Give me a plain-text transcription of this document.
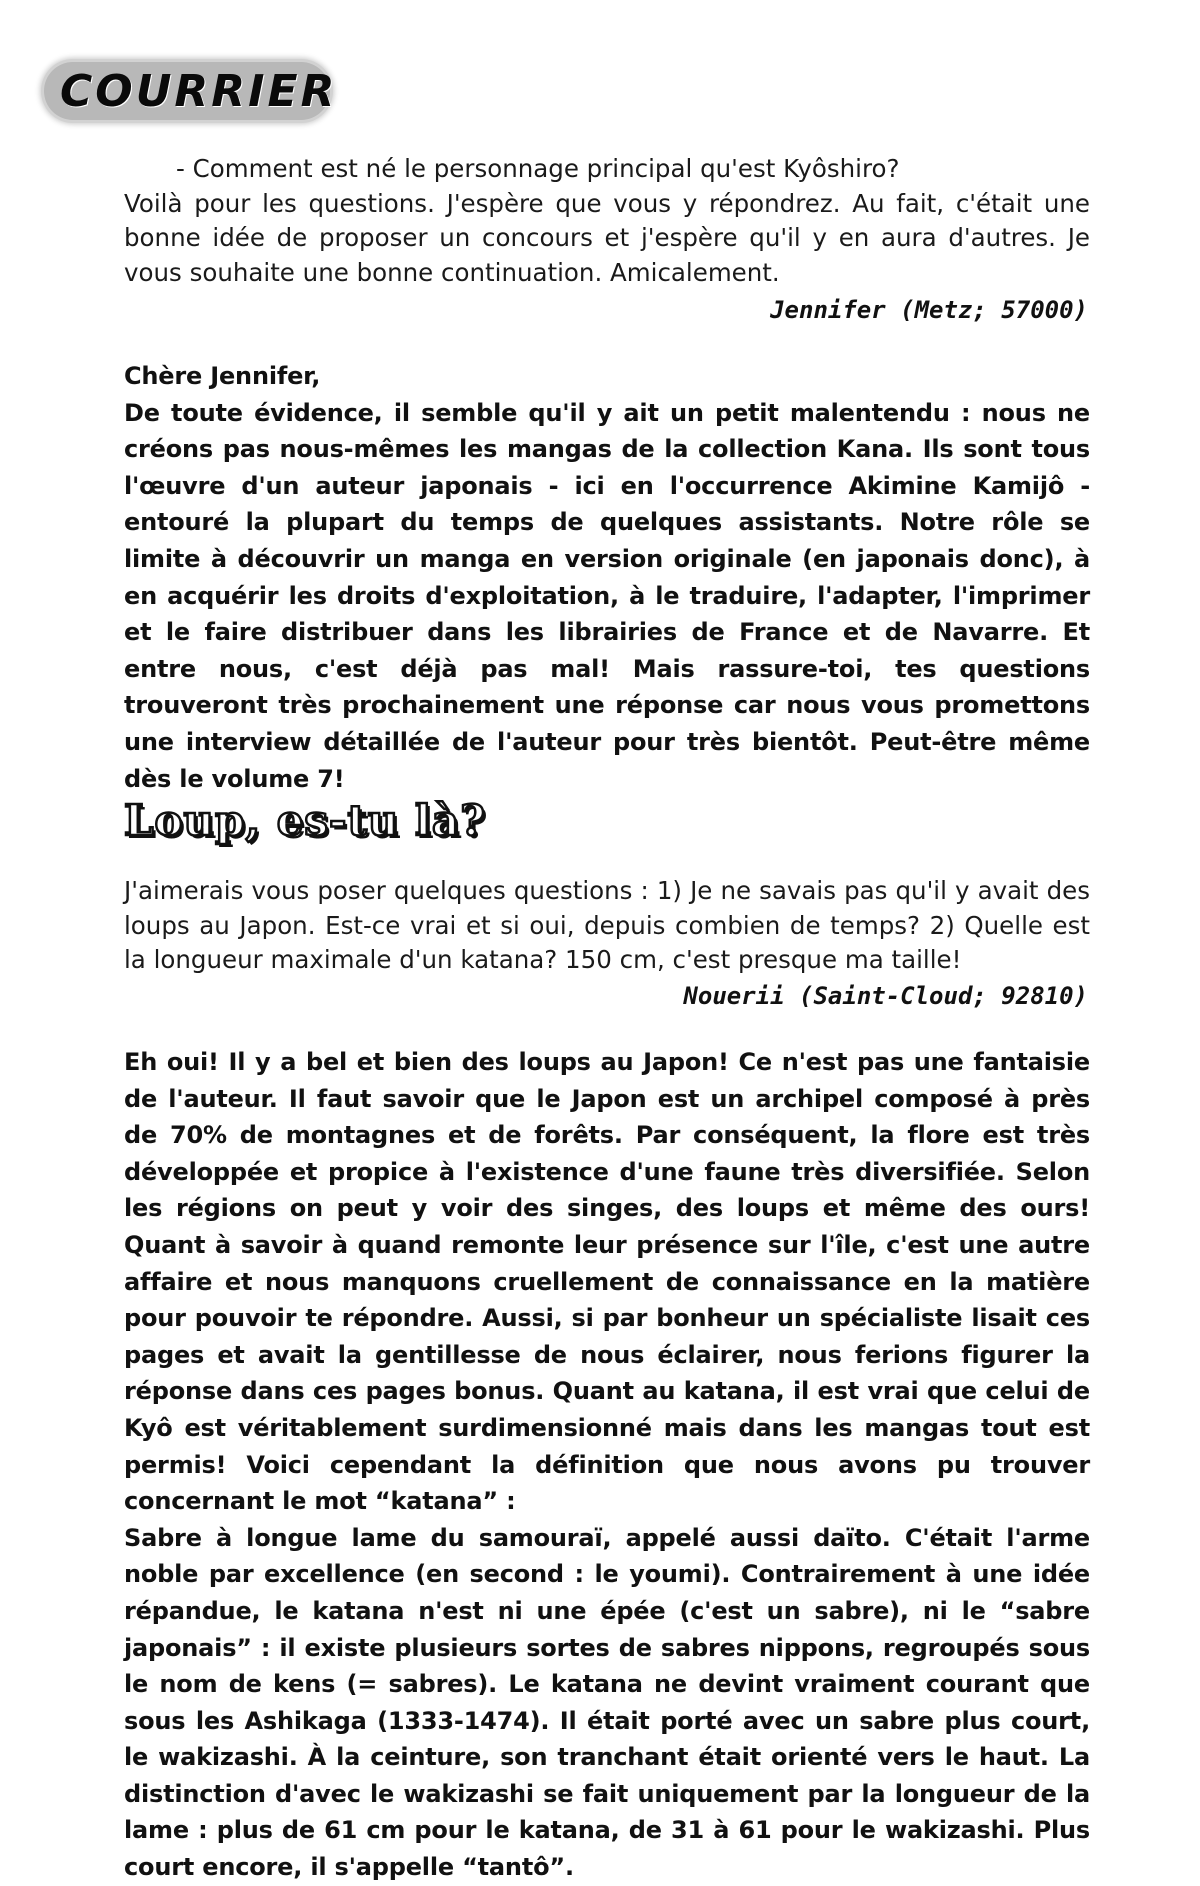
COURRIER

- Comment est né le personnage principal qu'est Kyôshiro?

Voilà pour les questions. J'espère que vous y répondrez. Au fait, c'était une bonne idée de proposer un concours et j'espère qu'il y en aura d'autres. Je vous souhaite une bonne continuation. Amicalement.

Jennifer (Metz; 57000)

Chère Jennifer,

De toute évidence, il semble qu'il y ait un petit malentendu : nous ne créons pas nous-mêmes les mangas de la collection Kana. Ils sont tous l'œuvre d'un auteur japonais - ici en l'occurrence Akimine Kamijô - entouré la plupart du temps de quelques assistants. Notre rôle se limite à découvrir un manga en version originale (en japonais donc), à en acquérir les droits d'exploitation, à le traduire, l'adapter, l'imprimer et le faire distribuer dans les librairies de France et de Navarre. Et entre nous, c'est déjà pas mal! Mais rassure-toi, tes questions trouveront très prochainement une réponse car nous vous promettons une interview détaillée de l'auteur pour très bientôt. Peut-être même dès le volume 7!

Loup, es-tu là?

J'aimerais vous poser quelques questions : 1) Je ne savais pas qu'il y avait des loups au Japon. Est-ce vrai et si oui, depuis combien de temps? 2) Quelle est la longueur maximale d'un katana? 150 cm, c'est presque ma taille!

Nouerii (Saint-Cloud; 92810)

Eh oui! Il y a bel et bien des loups au Japon! Ce n'est pas une fantaisie de l'auteur. Il faut savoir que le Japon est un archipel composé à près de 70% de montagnes et de forêts. Par conséquent, la flore est très développée et propice à l'existence d'une faune très diversifiée. Selon les régions on peut y voir des singes, des loups et même des ours! Quant à savoir à quand remonte leur présence sur l'île, c'est une autre affaire et nous manquons cruellement de connaissance en la matière pour pouvoir te répondre. Aussi, si par bonheur un spécialiste lisait ces pages et avait la gentillesse de nous éclairer, nous ferions figurer la réponse dans ces pages bonus. Quant au katana, il est vrai que celui de Kyô est véritablement surdimensionné mais dans les mangas tout est permis! Voici cependant la définition que nous avons pu trouver concernant le mot “katana” :

Sabre à longue lame du samouraï, appelé aussi daïto. C'était l'arme noble par excellence (en second : le youmi). Contrairement à une idée répandue, le katana n'est ni une épée (c'est un sabre), ni le “sabre japonais” : il existe plusieurs sortes de sabres nippons, regroupés sous le nom de kens (= sabres). Le katana ne devint vraiment courant que sous les Ashikaga (1333-1474). Il était porté avec un sabre plus court, le wakizashi. À la ceinture, son tranchant était orienté vers le haut. La distinction d'avec le wakizashi se fait uniquement par la longueur de la lame : plus de 61 cm pour le katana, de 31 à 61 pour le wakizashi. Plus court encore, il s'appelle “tantô”.
